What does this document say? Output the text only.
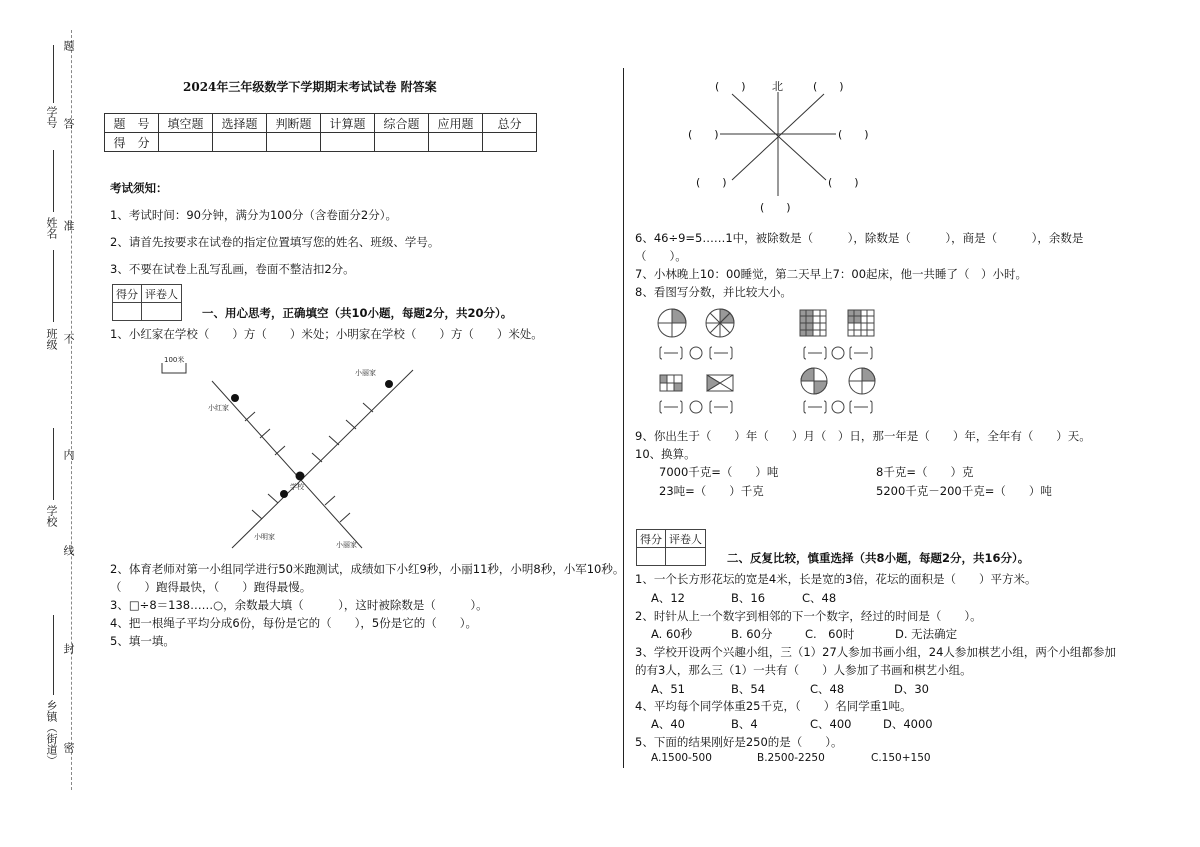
学号
姓名
班级
学校
乡镇（街道）
题
答
准
不
内
线
封
密
2024年三年级数学下学期期末考试试卷 附答案
题　号	填空题	选择题	判断题	计算题	综合题	应用题	总分
得　分							
考试须知：
1、考试时间：90分钟，满分为100分（含卷面分2分）。
2、请首先按要求在试卷的指定位置填写您的姓名、班级、学号。
3、不要在试卷上乱写乱画，卷面不整洁扣2分。
得分	评卷人

一、用心思考，正确填空（共10小题，每题2分，共20分）。
1、小红家在学校（　　）方（　　）米处；小明家在学校（　　）方（　　）米处。
100米
小红家
小丽家
学校
小明家
小丽家
2、体育老师对第一小组同学进行50米跑测试，成绩如下小红9秒，小丽11秒，小明8秒，小军10秒。
（　　）跑得最快，（　　）跑得最慢。
3、□÷8＝138……○，余数最大填（　　　），这时被除数是（　　　）。
4、把一根绳子平均分成6份，每份是它的（　　），5份是它的（　　）。
5、填一填。
北
(　　)	(　　)
(　　)	(　　)
(　　)	(　　)
(　　)
6、46÷9=5……1中，被除数是（　　　），除数是（　　　），商是（　　　），余数是
（　　）。
7、小林晚上10：00睡觉，第二天早上7：00起床，他一共睡了（　）小时。
8、看图写分数，并比较大小。
9、你出生于（　　）年（　　）月（　）日，那一年是（　　）年，全年有（　　）天。
10、换算。
7000千克=（　　）吨	8千克=（　　）克
23吨=（　　）千克	5200千克－200千克=（　　）吨
得分	评卷人

二、反复比较，慎重选择（共8小题，每题2分，共16分）。
1、一个长方形花坛的宽是4米，长是宽的3倍，花坛的面积是（　　）平方米。
A、12	B、16	C、48
2、时针从上一个数字到相邻的下一个数字，经过的时间是（　　）。
A. 60秒	B. 60分	C.　60时	D. 无法确定
3、学校开设两个兴趣小组，三（1）27人参加书画小组，24人参加棋艺小组，两个小组都参加
的有3人，那么三（1）一共有（　　）人参加了书画和棋艺小组。
A、51	B、54	C、48	D、30
4、平均每个同学体重25千克，（　　）名同学重1吨。
A、40	B、4	C、400	D、4000
5、下面的结果刚好是250的是（　　）。
A.1500-500	B.2500-2250	C.150+150
